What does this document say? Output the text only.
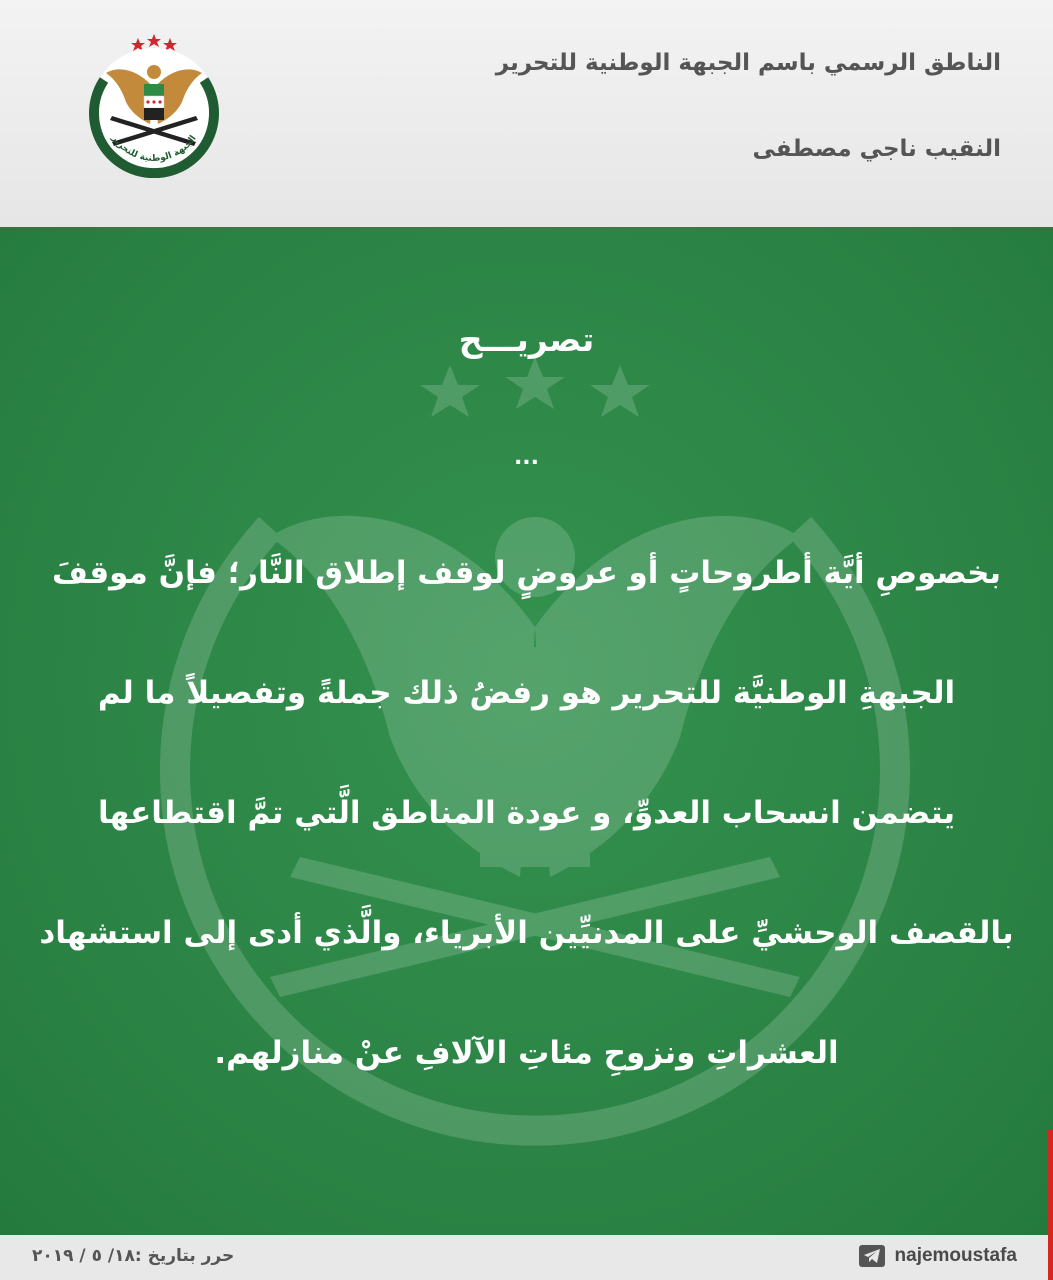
الناطق الرسمي باسم الجبهة الوطنية للتحرير
النقيب ناجي مصطفى
الجبهة الوطنية للتحرير
تصريـــح
...
بخصوصِ أيَّة أطروحاتٍ أو عروضٍ لوقف إطلاق النَّار؛ فإنَّ موقفَ
الجبهةِ الوطنيَّة للتحرير هو رفضُ ذلك جملةً وتفصيلاً ما لم
يتضمن انسحاب العدوِّ، و عودة المناطق الَّتي تمَّ اقتطاعها
بالقصف الوحشيِّ على المدنيِّين الأبرياء، والَّذي أدى إلى استشهاد
العشراتِ ونزوحِ مئاتِ الآلافِ عنْ منازلهم.
حرر بتاريخ :١٨/ ٥ / ٢٠١٩	najemoustafa
